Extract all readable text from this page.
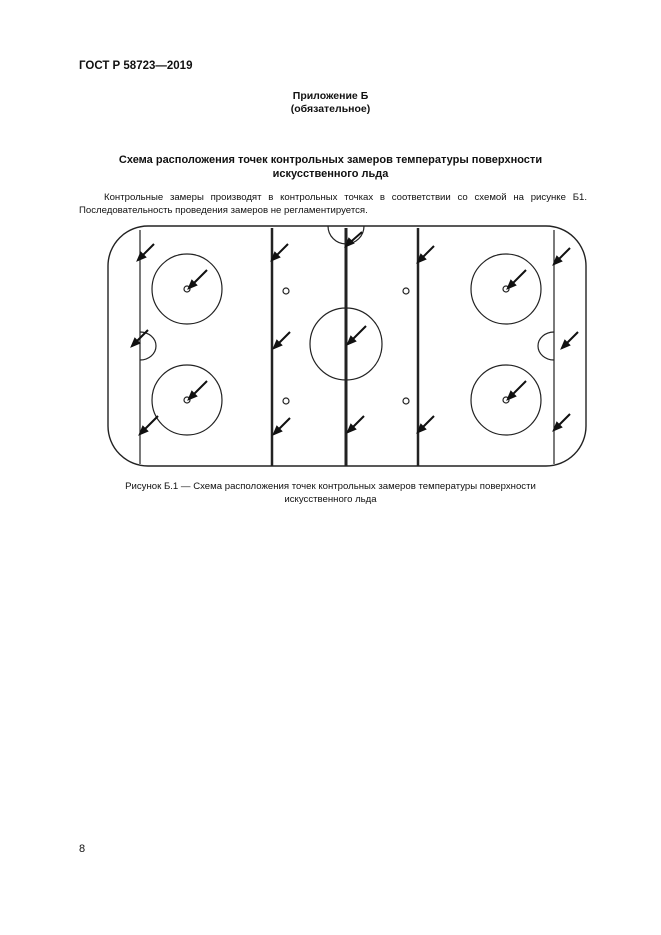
ГОСТ Р 58723—2019
Приложение Б
(обязательное)
Схема расположения точек контрольных замеров температуры поверхности
искусственного льда
Контрольные замеры производят в контрольных точках в соответствии со схемой на рисунке Б1. Последовательность проведения замеров не регламентируется.
Рисунок Б.1 — Схема расположения точек контрольных замеров температуры поверхности
искусственного льда
8
